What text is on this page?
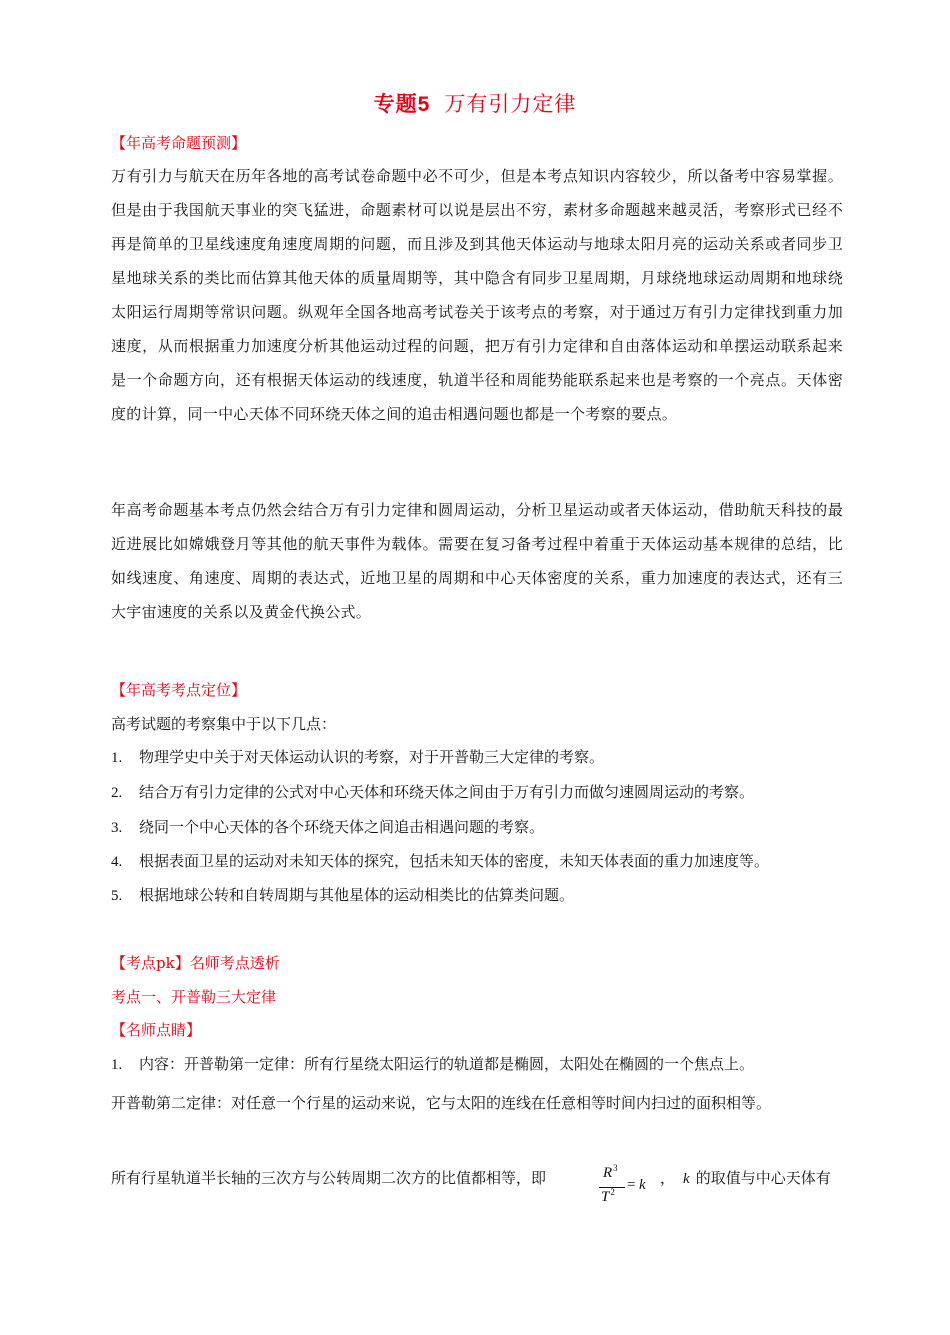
专题5 万有引力定律
【年高考命题预测】
万有引力与航天在历年各地的高考试卷命题中必不可少，但是本考点知识内容较少，所以备考中容易掌握。但是由于我国航天事业的突飞猛进，命题素材可以说是层出不穷，素材多命题越来越灵活，考察形式已经不再是简单的卫星线速度角速度周期的问题，而且涉及到其他天体运动与地球太阳月亮的运动关系或者同步卫星地球关系的类比而估算其他天体的质量周期等，其中隐含有同步卫星周期，月球绕地球运动周期和地球绕太阳运行周期等常识问题。纵观年全国各地高考试卷关于该考点的考察，对于通过万有引力定律找到重力加速度，从而根据重力加速度分析其他运动过程的问题，把万有引力定律和自由落体运动和单摆运动联系起来是一个命题方向，还有根据天体运动的线速度，轨道半径和周能势能联系起来也是考察的一个亮点。天体密度的计算，同一中心天体不同环绕天体之间的追击相遇问题也都是一个考察的要点。
年高考命题基本考点仍然会结合万有引力定律和圆周运动，分析卫星运动或者天体运动，借助航天科技的最近进展比如嫦娥登月等其他的航天事件为载体。需要在复习备考过程中着重于天体运动基本规律的总结，比如线速度、角速度、周期的表达式，近地卫星的周期和中心天体密度的关系，重力加速度的表达式，还有三大宇宙速度的关系以及黄金代换公式。
【年高考考点定位】
高考试题的考察集中于以下几点：
1. 物理学史中关于对天体运动认识的考察，对于开普勒三大定律的考察。
2. 结合万有引力定律的公式对中心天体和环绕天体之间由于万有引力而做匀速圆周运动的考察。
3. 绕同一个中心天体的各个环绕天体之间追击相遇问题的考察。
4. 根据表面卫星的运动对未知天体的探究，包括未知天体的密度，未知天体表面的重力加速度等。
5. 根据地球公转和自转周期与其他星体的运动相类比的估算类问题。
【考点pk】名师考点透析
考点一、开普勒三大定律
【名师点睛】
1. 内容：开普勒第一定律：所有行星绕太阳运行的轨道都是椭圆，太阳处在椭圆的一个焦点上。
开普勒第二定律：对任意一个行星的运动来说，它与太阳的连线在任意相等时间内扫过的面积相等。
所有行星轨道半长轴的三次方与公转周期二次方的比值都相等，即	$R^3$
$T^2 = k$ ， k 的取值与中心天体有
